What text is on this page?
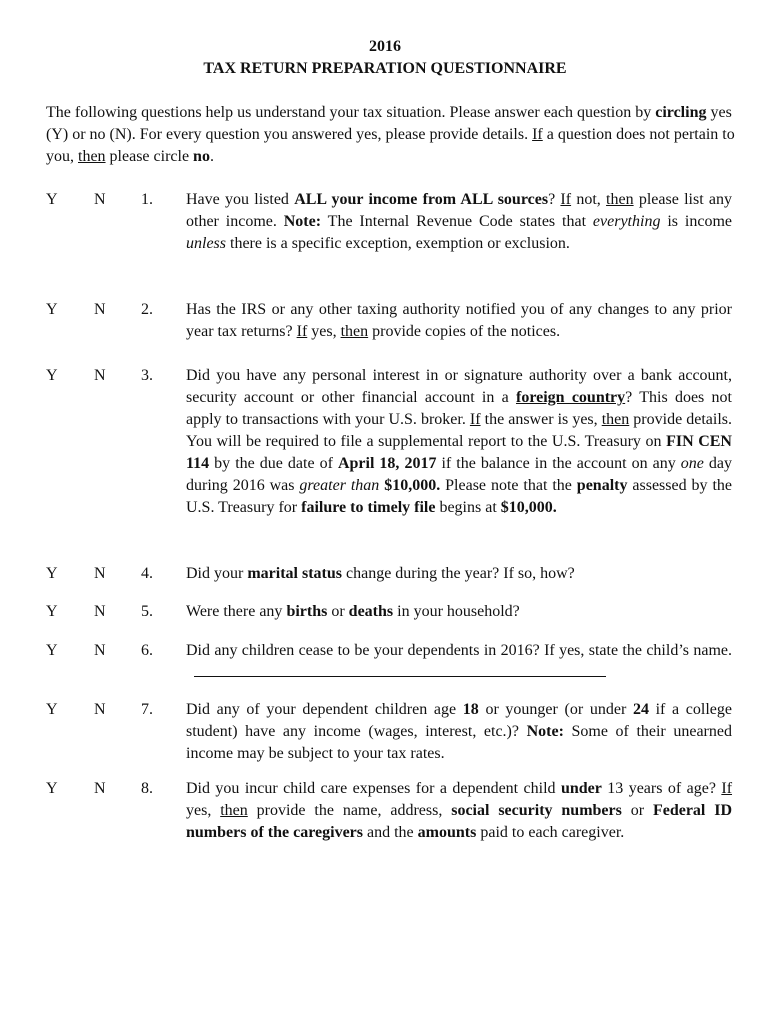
2016
TAX RETURN PREPARATION QUESTIONNAIRE
The following questions help us understand your tax situation. Please answer each question by circling yes (Y) or no (N). For every question you answered yes, please provide details. If a question does not pertain to you, then please circle no.
Y N 1. Have you listed ALL your income from ALL sources? If not, then please list any other income. Note: The Internal Revenue Code states that everything is income unless there is a specific exception, exemption or exclusion.
Y N 2. Has the IRS or any other taxing authority notified you of any changes to any prior year tax returns? If yes, then provide copies of the notices.
Y N 3. Did you have any personal interest in or signature authority over a bank account, security account or other financial account in a foreign country? This does not apply to transactions with your U.S. broker. If the answer is yes, then provide details. You will be required to file a supplemental report to the U.S. Treasury on FIN CEN 114 by the due date of April 18, 2017 if the balance in the account on any one day during 2016 was greater than $10,000. Please note that the penalty assessed by the U.S. Treasury for failure to timely file begins at $10,000.
Y N 4. Did your marital status change during the year? If so, how?
Y N 5. Were there any births or deaths in your household?
Y N 6. Did any children cease to be your dependents in 2016? If yes, state the child’s name.
Y N 7. Did any of your dependent children age 18 or younger (or under 24 if a college student) have any income (wages, interest, etc.)? Note: Some of their unearned income may be subject to your tax rates.
Y N 8. Did you incur child care expenses for a dependent child under 13 years of age? If yes, then provide the name, address, social security numbers or Federal ID numbers of the caregivers and the amounts paid to each caregiver.
